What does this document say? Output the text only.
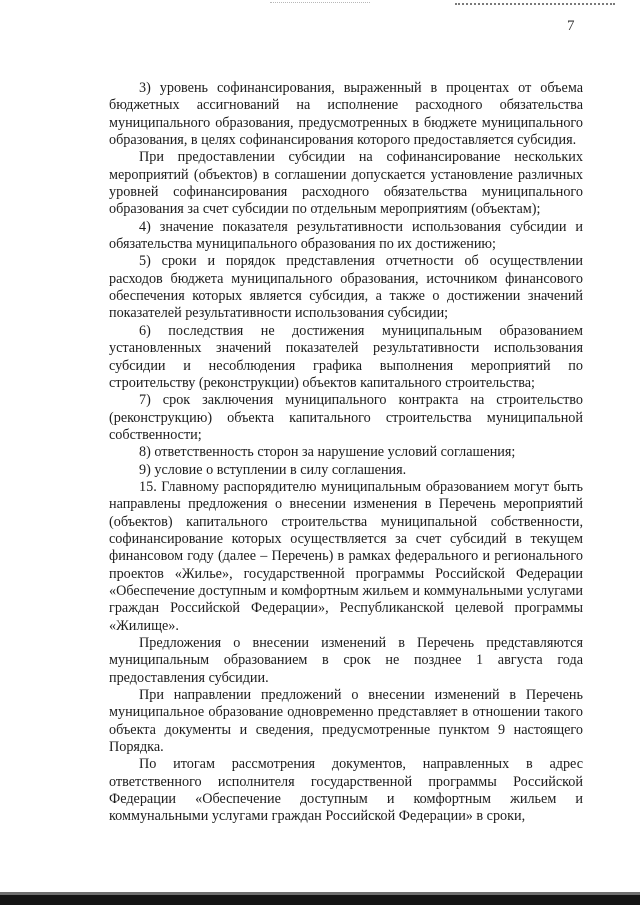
7

3) уровень софинансирования, выраженный в процентах от объема бюджетных ассигнований на исполнение расходного обязательства муниципального образования, предусмотренных в бюджете муниципального образования, в целях софинансирования которого предоставляется субсидия.

При предоставлении субсидии на софинансирование нескольких мероприятий (объектов) в соглашении допускается установление различных уровней софинансирования расходного обязательства муниципального образования за счет субсидии по отдельным мероприятиям (объектам);

4) значение показателя результативности использования субсидии и обязательства муниципального образования по их достижению;

5) сроки и порядок представления отчетности об осуществлении расходов бюджета муниципального образования, источником финансового обеспечения которых является субсидия, а также о достижении значений показателей результативности использования субсидии;

6) последствия не достижения муниципальным образованием установленных значений показателей результативности использования субсидии и несоблюдения графика выполнения мероприятий по строительству (реконструкции) объектов капитального строительства;

7) срок заключения муниципального контракта на строительство (реконструкцию) объекта капитального строительства муниципальной собственности;

8) ответственность сторон за нарушение условий соглашения;

9) условие о вступлении в силу соглашения.

15. Главному распорядителю муниципальным образованием могут быть направлены предложения о внесении изменения в Перечень мероприятий (объектов) капитального строительства муниципальной собственности, софинансирование которых осуществляется за счет субсидий в текущем финансовом году (далее – Перечень) в рамках федерального и регионального проектов «Жилье», государственной программы Российской Федерации «Обеспечение доступным и комфортным жильем и коммунальными услугами граждан Российской Федерации», Республиканской целевой программы «Жилище».

Предложения о внесении изменений в Перечень представляются муниципальным образованием в срок не позднее 1 августа года предоставления субсидии.

При направлении предложений о внесении изменений в Перечень муниципальное образование одновременно представляет в отношении такого объекта документы и сведения, предусмотренные пунктом 9 настоящего Порядка.

По итогам рассмотрения документов, направленных в адрес ответственного исполнителя государственной программы Российской Федерации «Обеспечение доступным и комфортным жильем и коммунальными услугами граждан Российской Федерации» в сроки,
